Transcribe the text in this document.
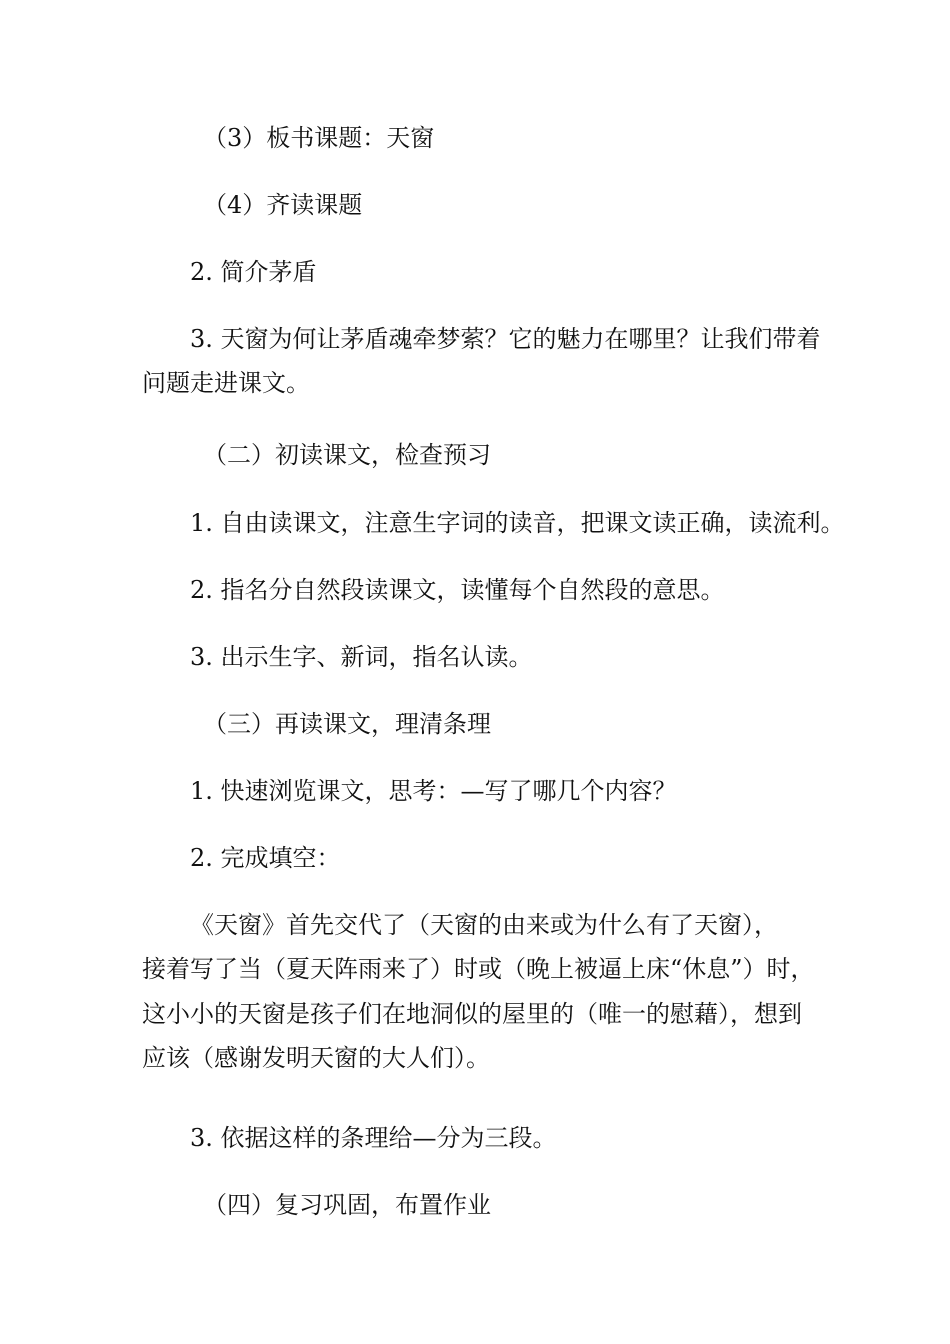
（3）板书课题：天窗
（4）齐读课题
2. 简介茅盾
3. 天窗为何让茅盾魂牵梦萦？它的魅力在哪里？让我们带着
问题走进课文。
（二）初读课文，检查预习
1. 自由读课文，注意生字词的读音，把课文读正确，读流利。
2. 指名分自然段读课文，读懂每个自然段的意思。
3. 出示生字、新词，指名认读。
（三）再读课文，理清条理
1. 快速浏览课文，思考：—写了哪几个内容？
2. 完成填空：
《天窗》首先交代了（天窗的由来或为什么有了天窗），
接着写了当（夏天阵雨来了）时或（晚上被逼上床“休息”）时，
这小小的天窗是孩子们在地洞似的屋里的（唯一的慰藉），想到
应该（感谢发明天窗的大人们）。
3. 依据这样的条理给—分为三段。
（四）复习巩固，布置作业
